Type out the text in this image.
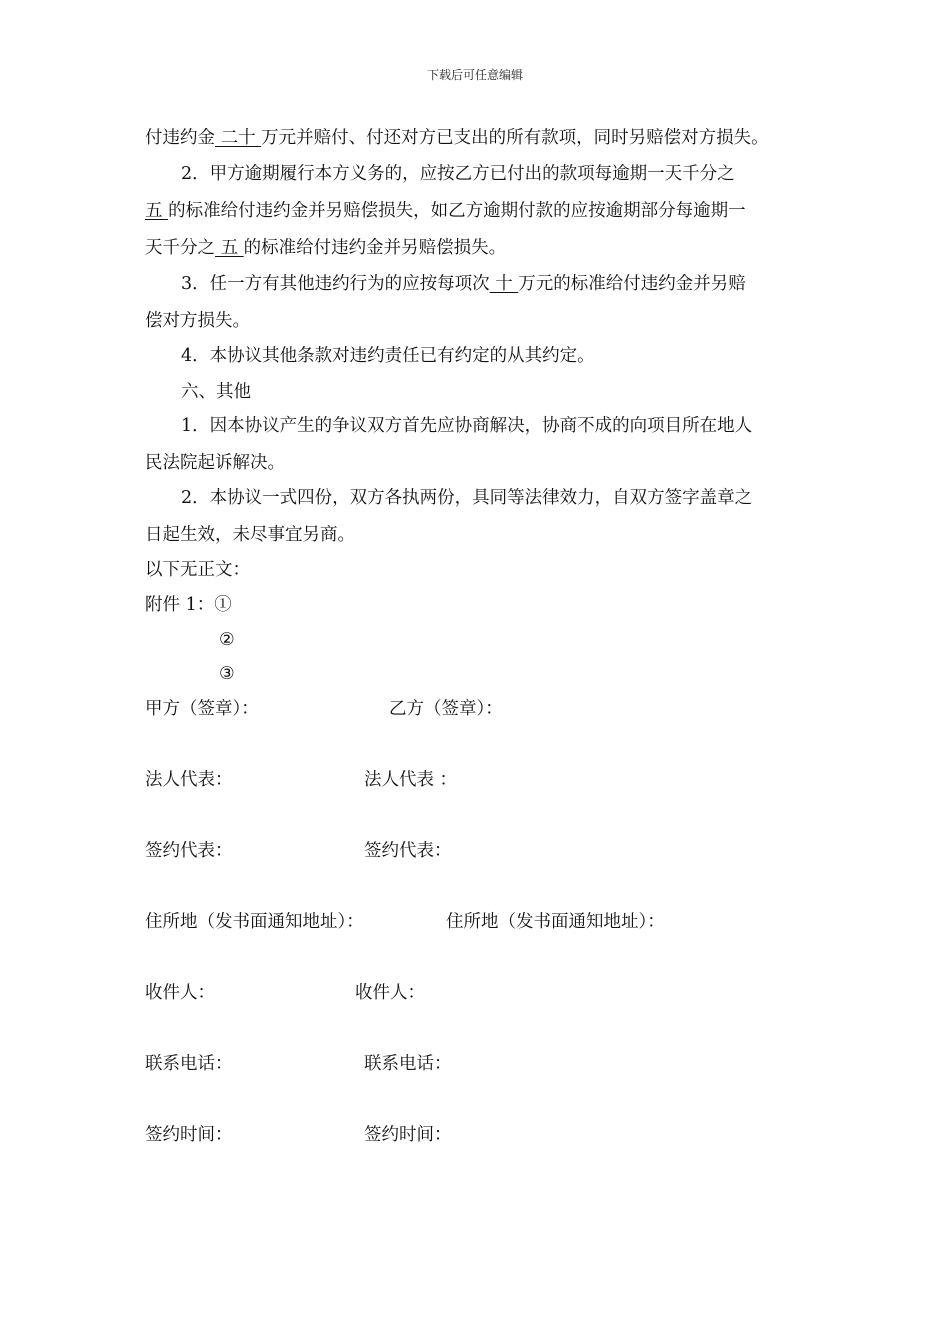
下载后可任意编辑
付违约金 二十 万元并赔付、付还对方已支出的所有款项，同时另赔偿对方损失。
2．甲方逾期履行本方义务的，应按乙方已付出的款项每逾期一天千分之
五 的标准给付违约金并另赔偿损失，如乙方逾期付款的应按逾期部分每逾期一
天千分之 五 的标准给付违约金并另赔偿损失。
3．任一方有其他违约行为的应按每项次 十 万元的标准给付违约金并另赔
偿对方损失。
4．本协议其他条款对违约责任已有约定的从其约定。
六、其他
1．因本协议产生的争议双方首先应协商解决，协商不成的向项目所在地人
民法院起诉解决。
2．本协议一式四份，双方各执两份，具同等法律效力，自双方签字盖章之
日起生效，未尽事宜另商。
以下无正文：
附件 1：①
②
③
甲方（签章）：	乙方（签章）：
法人代表：	法人代表 ：
签约代表：	签约代表：
住所地（发书面通知地址）：	住所地（发书面通知地址）：
收件人：	收件人：
联系电话：	联系电话：
签约时间：	签约时间：
